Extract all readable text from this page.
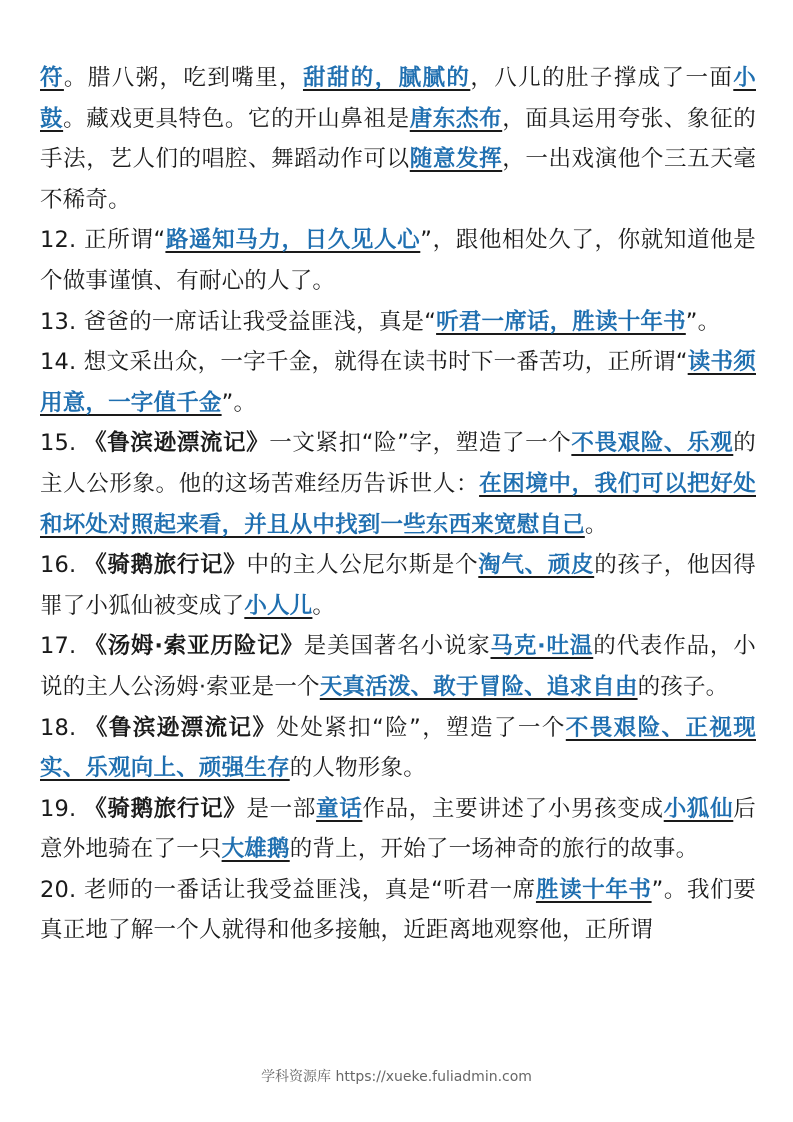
符。腊八粥，吃到嘴里，甜甜的，腻腻的，八儿的肚子撑成了一面小鼓。藏戏更具特色。它的开山鼻祖是唐东杰布，面具运用夸张、象征的手法，艺人们的唱腔、舞蹈动作可以随意发挥，一出戏演他个三五天毫不稀奇。

12. 正所谓“路遥知马力，日久见人心”，跟他相处久了，你就知道他是个做事谨慎、有耐心的人了。

13. 爸爸的一席话让我受益匪浅，真是“听君一席话，胜读十年书”。

14. 想文采出众，一字千金，就得在读书时下一番苦功，正所谓“读书须用意，一字值千金”。

15. 《鲁滨逊漂流记》一文紧扣“险”字，塑造了一个不畏艰险、乐观的主人公形象。他的这场苦难经历告诉世人：在困境中，我们可以把好处和坏处对照起来看，并且从中找到一些东西来宽慰自己。

16. 《骑鹅旅行记》中的主人公尼尔斯是个淘气、顽皮的孩子，他因得罪了小狐仙被变成了小人儿。

17. 《汤姆·索亚历险记》是美国著名小说家马克·吐温的代表作品，小说的主人公汤姆·索亚是一个天真活泼、敢于冒险、追求自由的孩子。

18. 《鲁滨逊漂流记》处处紧扣“险”，塑造了一个不畏艰险、正视现实、乐观向上、顽强生存的人物形象。

19. 《骑鹅旅行记》是一部童话作品，主要讲述了小男孩变成小狐仙后意外地骑在了一只大雄鹅的背上，开始了一场神奇的旅行的故事。

20. 老师的一番话让我受益匪浅，真是“听君一席胜读十年书”。我们要真正地了解一个人就得和他多接触，近距离地观察他，正所谓

学科资源库 https://xueke.fuliadmin.com
